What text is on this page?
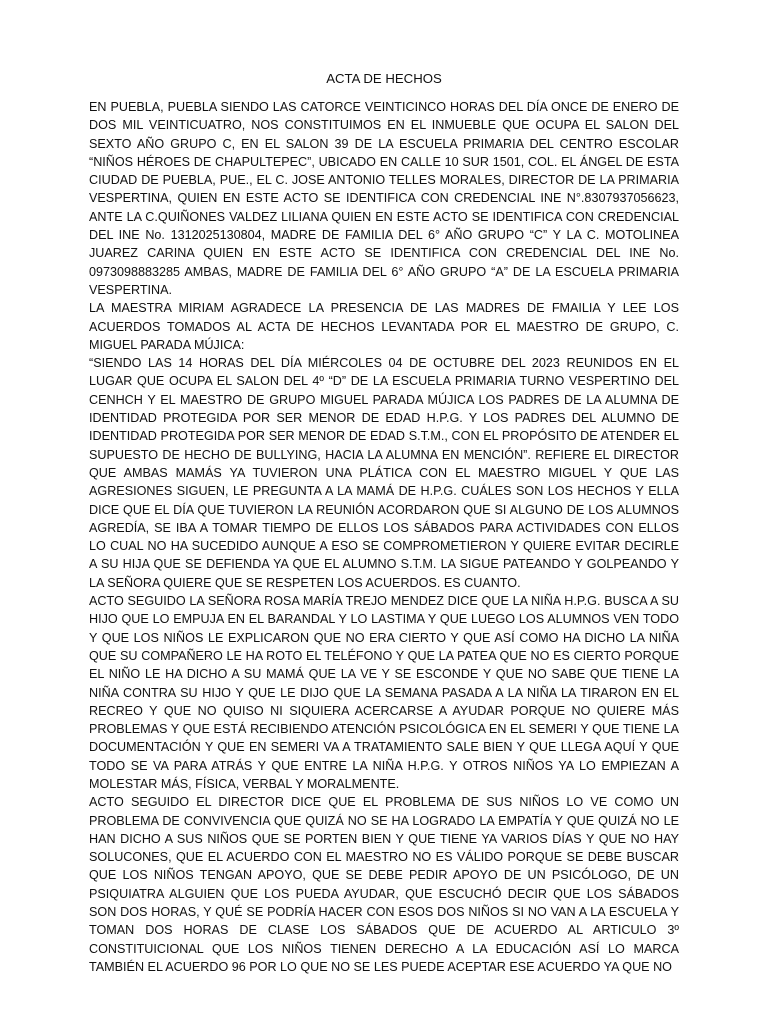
ACTA DE HECHOS

EN PUEBLA, PUEBLA SIENDO LAS CATORCE VEINTICINCO HORAS DEL DÍA ONCE DE ENERO DE DOS MIL VEINTICUATRO, NOS CONSTITUIMOS EN EL INMUEBLE QUE OCUPA EL SALON DEL SEXTO AÑO GRUPO C, EN EL SALON 39 DE LA ESCUELA PRIMARIA DEL CENTRO ESCOLAR “NIÑOS HÉROES DE CHAPULTEPEC”, UBICADO EN CALLE 10 SUR 1501, COL. EL ÁNGEL DE ESTA CIUDAD DE PUEBLA, PUE., EL C. JOSE ANTONIO TELLES MORALES, DIRECTOR DE LA PRIMARIA VESPERTINA, QUIEN EN ESTE ACTO SE IDENTIFICA CON CREDENCIAL INE N°.8307937056623, ANTE LA C.QUIÑONES VALDEZ LILIANA QUIEN EN ESTE ACTO SE IDENTIFICA CON CREDENCIAL DEL INE No. 1312025130804, MADRE DE FAMILIA DEL 6° AÑO GRUPO “C” Y LA C. MOTOLINEA JUAREZ CARINA QUIEN EN ESTE ACTO SE IDENTIFICA CON CREDENCIAL DEL INE No. 0973098883285 AMBAS, MADRE DE FAMILIA DEL 6° AÑO GRUPO “A” DE LA ESCUELA PRIMARIA VESPERTINA.

LA MAESTRA MIRIAM AGRADECE LA PRESENCIA DE LAS MADRES DE FMAILIA Y LEE LOS ACUERDOS TOMADOS AL ACTA DE HECHOS LEVANTADA POR EL MAESTRO DE GRUPO, C. MIGUEL PARADA MÚJICA:

“SIENDO LAS 14 HORAS DEL DÍA MIÉRCOLES 04 DE OCTUBRE DEL 2023 REUNIDOS EN EL LUGAR QUE OCUPA EL SALON DEL 4º “D” DE LA ESCUELA PRIMARIA TURNO VESPERTINO DEL CENHCH Y EL MAESTRO DE GRUPO MIGUEL PARADA MÚJICA LOS PADRES DE LA ALUMNA DE IDENTIDAD PROTEGIDA POR SER MENOR DE EDAD H.P.G. Y LOS PADRES DEL ALUMNO DE IDENTIDAD PROTEGIDA POR SER MENOR DE EDAD S.T.M., CON EL PROPÓSITO DE ATENDER EL SUPUESTO DE HECHO DE BULLYING, HACIA LA ALUMNA EN MENCIÓN”. REFIERE EL DIRECTOR QUE AMBAS MAMÁS YA TUVIERON UNA PLÁTICA CON EL MAESTRO MIGUEL Y QUE LAS AGRESIONES SIGUEN, LE PREGUNTA A LA MAMÁ DE H.P.G. CUÁLES SON LOS HECHOS Y ELLA DICE QUE EL DÍA QUE TUVIERON LA REUNIÓN ACORDARON QUE SI ALGUNO DE LOS ALUMNOS AGREDÍA, SE IBA A TOMAR TIEMPO DE ELLOS LOS SÁBADOS PARA ACTIVIDADES CON ELLOS LO CUAL NO HA SUCEDIDO AUNQUE A ESO SE COMPROMETIERON Y QUIERE EVITAR DECIRLE A SU HIJA QUE SE DEFIENDA YA QUE EL ALUMNO S.T.M. LA SIGUE PATEANDO Y GOLPEANDO Y LA SEÑORA QUIERE QUE SE RESPETEN LOS ACUERDOS. ES CUANTO.

ACTO SEGUIDO LA SEÑORA ROSA MARÍA TREJO MENDEZ DICE QUE LA NIÑA H.P.G. BUSCA A SU HIJO QUE LO EMPUJA EN EL BARANDAL Y LO LASTIMA Y QUE LUEGO LOS ALUMNOS VEN TODO Y QUE LOS NIÑOS LE EXPLICARON QUE NO ERA CIERTO Y QUE ASÍ COMO HA DICHO LA NIÑA QUE SU COMPAÑERO LE HA ROTO EL TELÉFONO Y QUE LA PATEA QUE NO ES CIERTO PORQUE EL NIÑO LE HA DICHO A SU MAMÁ QUE LA VE Y SE ESCONDE Y QUE NO SABE QUE TIENE LA NIÑA CONTRA SU HIJO Y QUE LE DIJO QUE LA SEMANA PASADA A LA NIÑA LA TIRARON EN EL RECREO Y QUE NO QUISO NI SIQUIERA ACERCARSE A AYUDAR PORQUE NO QUIERE MÁS PROBLEMAS Y QUE ESTÁ RECIBIENDO ATENCIÓN PSICOLÓGICA EN EL SEMERI Y QUE TIENE LA DOCUMENTACIÓN Y QUE EN SEMERI VA A TRATAMIENTO SALE BIEN Y QUE LLEGA AQUÍ Y QUE TODO SE VA PARA ATRÁS Y QUE ENTRE LA NIÑA H.P.G. Y OTROS NIÑOS YA LO EMPIEZAN A MOLESTAR MÁS, FÍSICA, VERBAL Y MORALMENTE.

ACTO SEGUIDO EL DIRECTOR DICE QUE EL PROBLEMA DE SUS NIÑOS LO VE COMO UN PROBLEMA DE CONVIVENCIA QUE QUIZÁ NO SE HA LOGRADO LA EMPATÍA Y QUE QUIZÁ NO LE HAN DICHO A SUS NIÑOS QUE SE PORTEN BIEN Y QUE TIENE YA VARIOS DÍAS Y QUE NO HAY SOLUCONES, QUE EL ACUERDO CON EL MAESTRO NO ES VÁLIDO PORQUE SE DEBE BUSCAR QUE LOS NIÑOS TENGAN APOYO, QUE SE DEBE PEDIR APOYO DE UN PSICÓLOGO, DE UN PSIQUIATRA ALGUIEN QUE LOS PUEDA AYUDAR, QUE ESCUCHÓ DECIR QUE LOS SÁBADOS SON DOS HORAS, Y QUÉ SE PODRÍA HACER CON ESOS DOS NIÑOS SI NO VAN A LA ESCUELA Y TOMAN DOS HORAS DE CLASE LOS SÁBADOS QUE DE ACUERDO AL ARTICULO 3º CONSTITUICIONAL QUE LOS NIÑOS TIENEN DERECHO A LA EDUCACIÓN ASÍ LO MARCA TAMBIÉN EL ACUERDO 96 POR LO QUE NO SE LES PUEDE ACEPTAR ESE ACUERDO YA QUE NO
